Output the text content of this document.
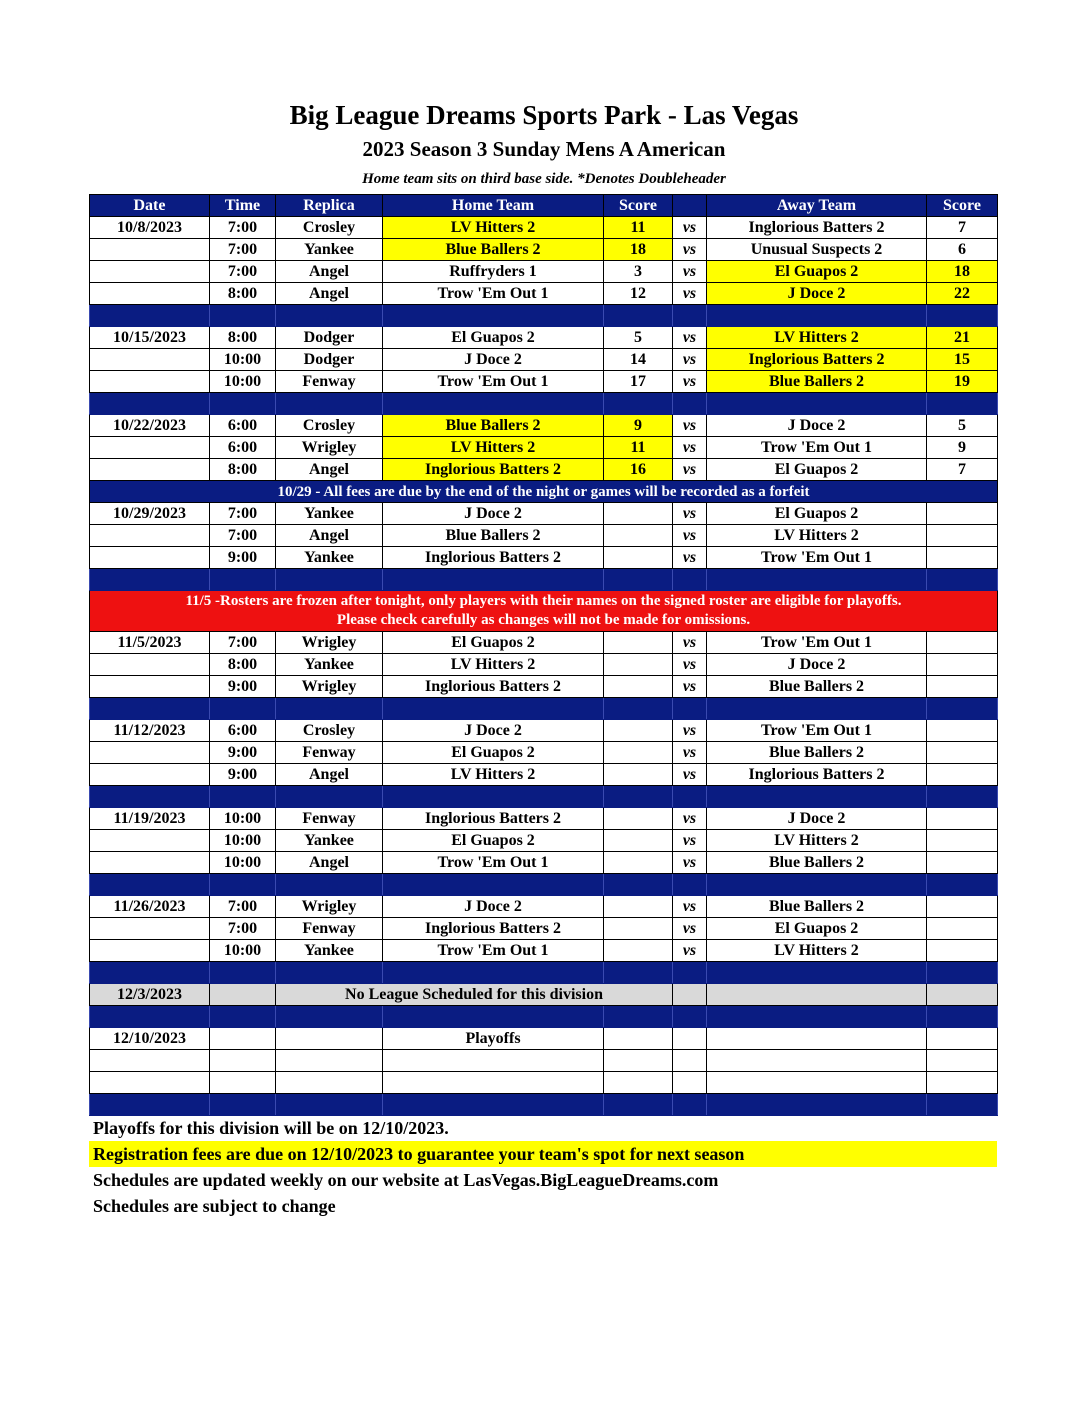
Big League Dreams Sports Park - Las Vegas
2023 Season 3 Sunday Mens A American
Home team sits on third base side. *Denotes Doubleheader
Date	Time	Replica	Home Team	Score		Away Team	Score
10/8/2023	7:00	Crosley	LV Hitters 2	11	vs	Inglorious Batters 2	7
	7:00	Yankee	Blue Ballers 2	18	vs	Unusual Suspects 2	6
	7:00	Angel	Ruffryders 1	3	vs	El Guapos 2	18
	8:00	Angel	Trow 'Em Out 1	12	vs	J Doce 2	22

10/15/2023	8:00	Dodger	El Guapos 2	5	vs	LV Hitters 2	21
	10:00	Dodger	J Doce 2	14	vs	Inglorious Batters 2	15
	10:00	Fenway	Trow 'Em Out 1	17	vs	Blue Ballers 2	19

10/22/2023	6:00	Crosley	Blue Ballers 2	9	vs	J Doce 2	5
	6:00	Wrigley	LV Hitters 2	11	vs	Trow 'Em Out 1	9
	8:00	Angel	Inglorious Batters 2	16	vs	El Guapos 2	7
10/29 - All fees are due by the end of the night or games will be recorded as a forfeit							
10/29/2023	7:00	Yankee	J Doce 2		vs	El Guapos 2	
	7:00	Angel	Blue Ballers 2		vs	LV Hitters 2	
	9:00	Yankee	Inglorious Batters 2		vs	Trow 'Em Out 1	

11/5 -Rosters are frozen after tonight, only players with their names on the signed roster are eligible for playoffs.
Please check carefully as changes will not be made for omissions.							

11/5/2023	7:00	Wrigley	El Guapos 2		vs	Trow 'Em Out 1	
	8:00	Yankee	LV Hitters 2		vs	J Doce 2	
	9:00	Wrigley	Inglorious Batters 2		vs	Blue Ballers 2	

11/12/2023	6:00	Crosley	J Doce 2		vs	Trow 'Em Out 1	
	9:00	Fenway	El Guapos 2		vs	Blue Ballers 2	
	9:00	Angel	LV Hitters 2		vs	Inglorious Batters 2	

11/19/2023	10:00	Fenway	Inglorious Batters 2		vs	J Doce 2	
	10:00	Yankee	El Guapos 2		vs	LV Hitters 2	
	10:00	Angel	Trow 'Em Out 1		vs	Blue Ballers 2	

11/26/2023	7:00	Wrigley	J Doce 2		vs	Blue Ballers 2	
	7:00	Fenway	Inglorious Batters 2		vs	El Guapos 2	
	10:00	Yankee	Trow 'Em Out 1		vs	LV Hitters 2	

12/3/2023		No League Scheduled for this division					

12/10/2023			Playoffs				

Playoffs for this division will be on 12/10/2023.
Registration fees are due on 12/10/2023 to guarantee your team's spot for next season
Schedules are updated weekly on our website at LasVegas.BigLeagueDreams.com
Schedules are subject to change
